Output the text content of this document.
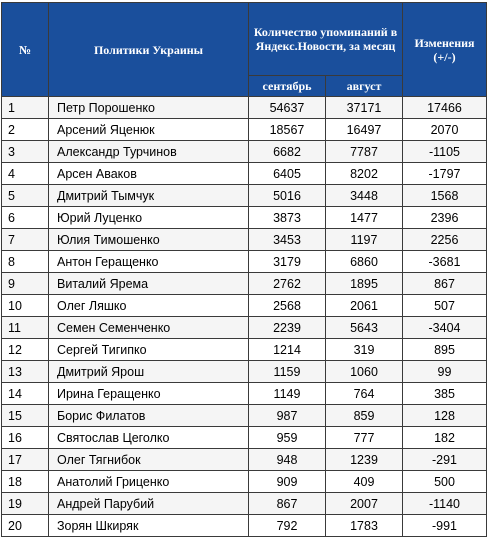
№	Политики Украины	Количество упоминаний в Яндекс.Новости, за месяц		Изменения (+/-)
		сентябрь	август	
1	Петр Порошенко	54637	37171	17466
2	Арсений Яценюк	18567	16497	2070
3	Александр Турчинов	6682	7787	-1105
4	Арсен Аваков	6405	8202	-1797
5	Дмитрий Тымчук	5016	3448	1568
6	Юрий Луценко	3873	1477	2396
7	Юлия Тимошенко	3453	1197	2256
8	Антон Геращенко	3179	6860	-3681
9	Виталий Ярема	2762	1895	867
10	Олег Ляшко	2568	2061	507
11	Семен Семенченко	2239	5643	-3404
12	Сергей Тигипко	1214	319	895
13	Дмитрий Ярош	1159	1060	99
14	Ирина Геращенко	1149	764	385
15	Борис Филатов	987	859	128
16	Святослав Цеголко	959	777	182
17	Олег Тягнибок	948	1239	-291
18	Анатолий Гриценко	909	409	500
19	Андрей Парубий	867	2007	-1140
20	Зорян Шкиряк	792	1783	-991
